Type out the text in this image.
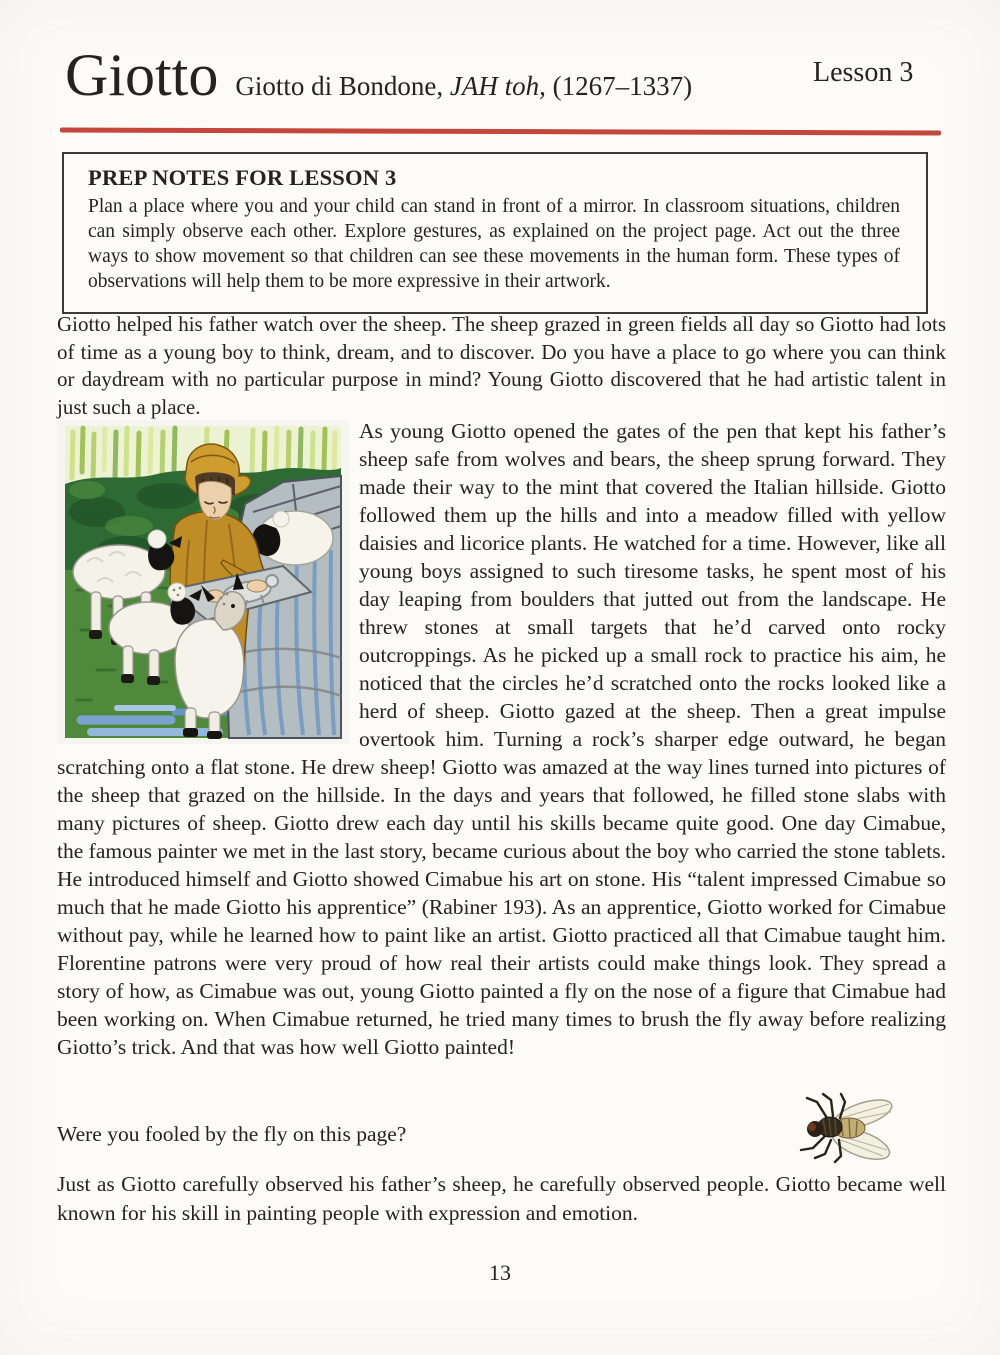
Giotto Giotto di Bondone, JAH toh, (1267–1337)	Lesson 3
PREP NOTES FOR LESSON 3

Plan a place where you and your child can stand in front of a mirror. In classroom situations, children can simply observe each other. Explore gestures, as explained on the project page. Act out the three ways to show movement so that children can see these movements in the human form. These types of observations will help them to be more expressive in their artwork.

Giotto helped his father watch over the sheep. The sheep grazed in green fields all day so Giotto had lots of time as a young boy to think, dream, and to discover. Do you have a place to go where you can think or daydream with no particular purpose in mind? Young Giotto discovered that he had artistic talent in just such a place.

As young Giotto opened the gates of the pen that kept his father’s sheep safe from wolves and bears, the sheep sprung forward. They made their way to the mint that covered the Italian hillside. Giotto followed them up the hills and into a meadow filled with yellow daisies and licorice plants. He watched for a time. However, like all young boys assigned to such tiresome tasks, he spent most of his day leaping from boulders that jutted out from the landscape. He threw stones at small targets that he’d carved onto rocky outcroppings. As he picked up a small rock to practice his aim, he noticed that the circles he’d scratched onto the rocks looked like a herd of sheep. Giotto gazed at the sheep. Then a great impulse overtook him. Turning a rock’s sharper edge outward, he began scratching onto a flat stone. He drew sheep! Giotto was amazed at the way lines turned into pictures of the sheep that grazed on the hillside. In the days and years that followed, he filled stone slabs with many pictures of sheep. Giotto drew each day until his skills became quite good. One day Cimabue, the famous painter we met in the last story, became curious about the boy who carried the stone tablets. He introduced himself and Giotto showed Cimabue his art on stone. His “talent impressed Cimabue so much that he made Giotto his apprentice” (Rabiner 193). As an apprentice, Giotto worked for Cimabue without pay, while he learned how to paint like an artist. Giotto practiced all that Cimabue taught him. Florentine patrons were very proud of how real their artists could make things look. They spread a story of how, as Cimabue was out, young Giotto painted a fly on the nose of a figure that Cimabue had been working on. When Cimabue returned, he tried many times to brush the fly away before realizing Giotto’s trick. And that was how well Giotto painted!

Were you fooled by the fly on this page?

Just as Giotto carefully observed his father’s sheep, he carefully observed people. Giotto became well known for his skill in painting people with expression and emotion.

13
